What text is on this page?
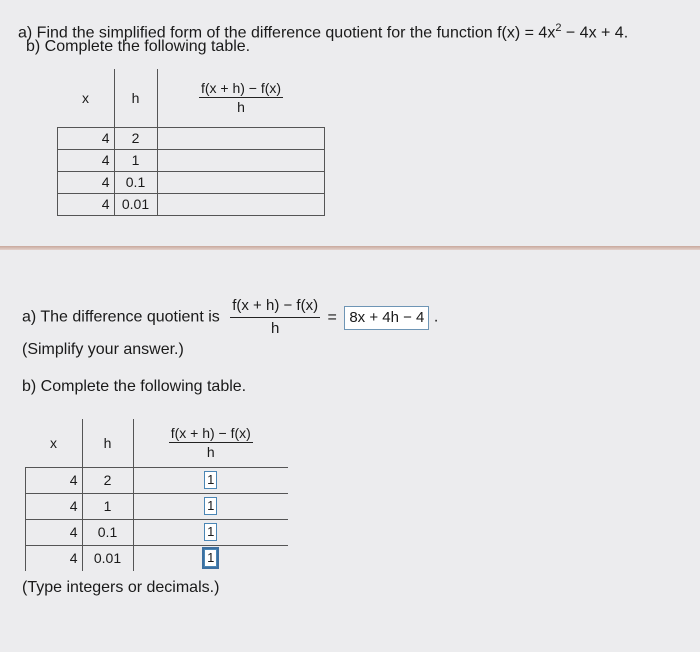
a) Find the simplified form of the difference quotient for the function $f(x) = 4x^2 - 4x + 4$.
b) Complete the following table.
x	h	$\frac{f(x + h) - f(x)}{h}$

4	2	
4	1	
4	0.1	
4	0.01	
a) The difference quotient is $\frac{f(x + h) - f(x)}{h} = 8x + 4h - 4$ .
(Simplify your answer.)
b) Complete the following table.
x	h	$\frac{f(x + h) - f(x)}{h}$

4	2	1
4	1	1
4	0.1	1
4	0.01	1
(Type integers or decimals.)
